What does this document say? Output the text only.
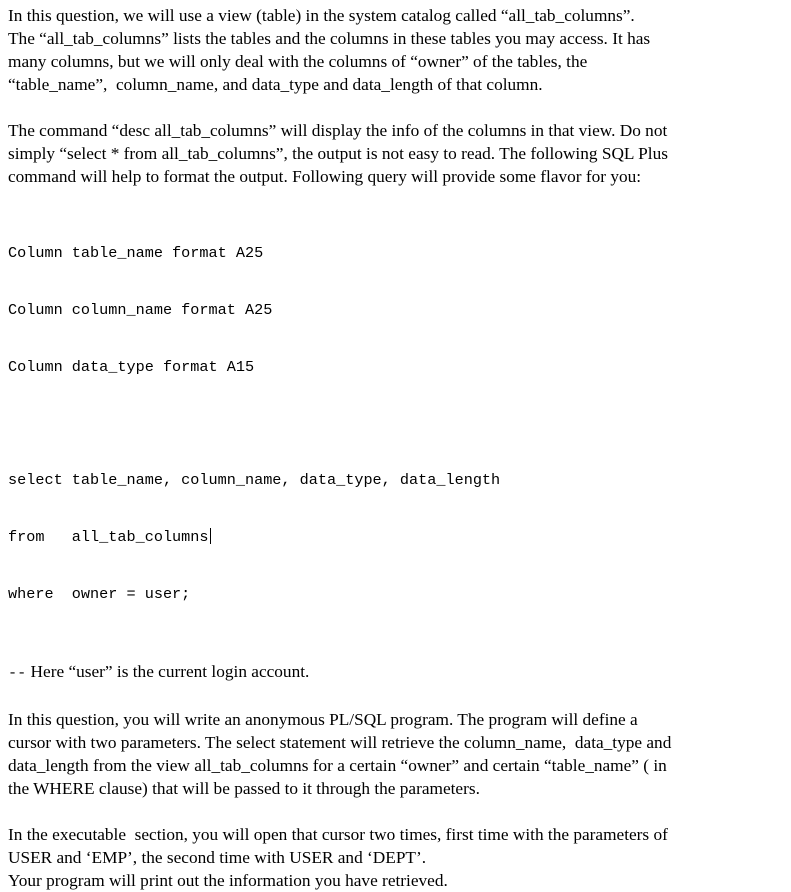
In this question, we will use a view (table) in the system catalog called “all_tab_columns”.
The “all_tab_columns” lists the tables and the columns in these tables you may access. It has
many columns, but we will only deal with the columns of “owner” of the tables, the
“table_name”,  column_name, and data_type and data_length of that column.
The command “desc all_tab_columns” will display the info of the columns in that view. Do not
simply “select * from all_tab_columns”, the output is not easy to read. The following SQL Plus
command will help to format the output. Following query will provide some flavor for you:

Column table_name format A25

Column column_name format A25

Column data_type format A15

select table_name, column_name, data_type, data_length

from   all_tab_columns

where  owner = user;

-- Here “user” is the current login account.
In this question, you will write an anonymous PL/SQL program. The program will define a
cursor with two parameters. The select statement will retrieve the column_name,  data_type and
data_length from the view all_tab_columns for a certain “owner” and certain “table_name” ( in
the WHERE clause) that will be passed to it through the parameters.
In the executable  section, you will open that cursor two times, first time with the parameters of
USER and ‘EMP’, the second time with USER and ‘DEPT’.
Your program will print out the information you have retrieved.
